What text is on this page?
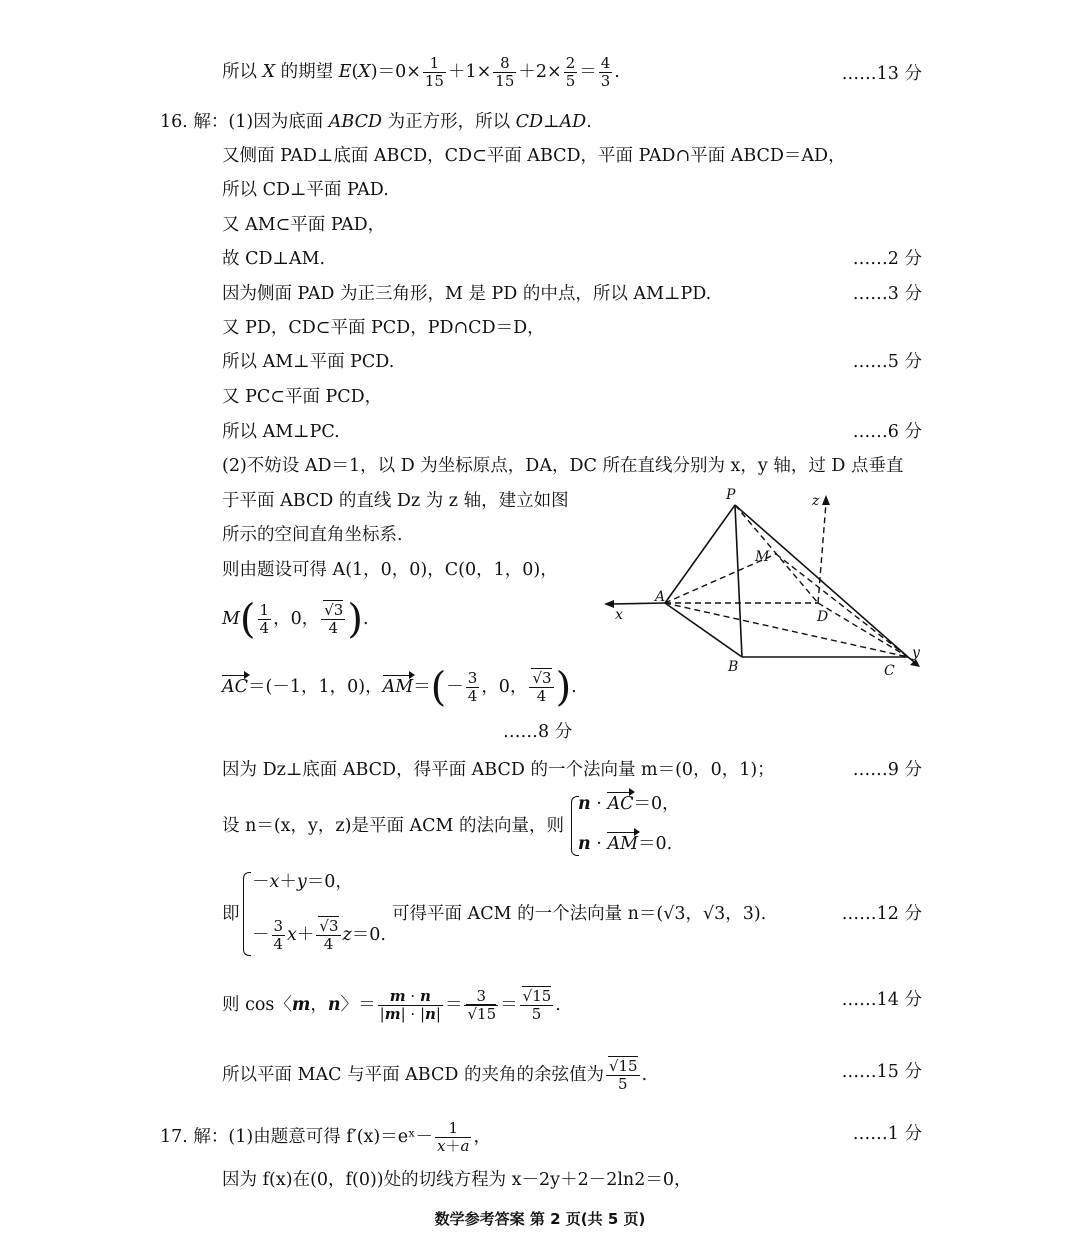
所以 X 的期望 $E(X)=0\times \frac{1}{15} +1\times \frac{8}{15} +2\times \frac{2}{5} = \frac{4}{3}$ .	……13 分
16. 解：(1)因为底面 ABCD 为正方形，所以 CD⊥AD.
又侧面 PAD⊥底面 ABCD，CD⊂平面 ABCD，平面 PAD∩平面 ABCD＝AD，
所以 CD⊥平面 PAD.
又 AM⊂平面 PAD，
故 CD⊥AM.	……2 分
因为侧面 PAD 为正三角形，M 是 PD 的中点，所以 AM⊥PD.	……3 分
又 PD，CD⊂平面 PCD，PD∩CD＝D，
所以 AM⊥平面 PCD.	……5 分
又 PC⊂平面 PCD，
所以 AM⊥PC.	……6 分
(2)不妨设 AD＝1，以 D 为坐标原点，DA，DC 所在直线分别为 x，y 轴，过 D 点垂直
于平面 ABCD 的直线 Dz 为 z 轴，建立如图
所示的空间直角坐标系.
则由题设可得 A(1，0，0)，C(0，1，0)，
$M( \frac{1}{4}$ ，0， $\frac{√3}{4}$ ).
AC＝(－1，1，0)，$AM=(- \frac{3}{4}$ ，0， $\frac{√3}{4}$ ).
……8 分
P
M
A
D
B	C
x
y
z
因为 Dz⊥底面 ABCD，得平面 ABCD 的一个法向量 m＝(0，0，1)；	……9 分
设 n＝(x，y，z)是平面 ACM 的法向量，则
n · AC＝0，
n · AM＝0.
即
－x＋y＝0，
－ $\frac{3}{4} x+ \frac{√3}{4} z=0$.
可得平面 ACM 的一个法向量 n＝(√3，√3，3).	……12 分
则 cos〈m，n〉＝ $\frac{m \cdot n}{|m| \cdot |n|} = \frac{3}{√15} = \frac{√15}{5}$ .	……14 分
所以平面 MAC 与平面 ABCD 的夹角的余弦值为 $\frac{√15}{5}$ .	……15 分
17. 解：(1)由题意可得 f′(x)＝eˣ－ $\frac{1}{x+a}$ ，	……1 分
因为 f(x)在(0，f(0))处的切线方程为 x－2y＋2－2ln2＝0，
数学参考答案 第 2 页(共 5 页)
